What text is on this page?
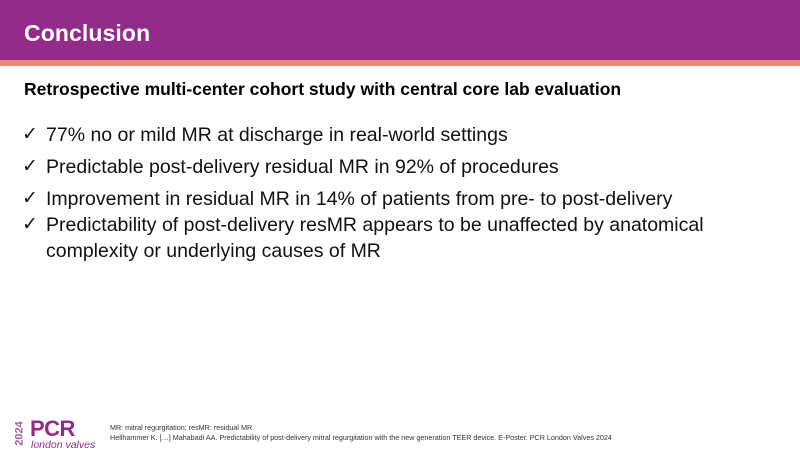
Conclusion
Retrospective multi-center cohort study with central core lab evaluation
✓ 77% no or mild MR at discharge in real-world settings
✓ Predictable post-delivery residual MR in 92% of procedures
✓ Improvement in residual MR in 14% of patients from pre- to post-delivery
✓ Predictability of post-delivery resMR appears to be unaffected by anatomical complexity or underlying causes of MR
2024 PCR
london valves
MR: mitral regurgitation; resMR: residual MR
Hellhammer K. […] Mahabadi AA. Predictability of post-delivery mitral regurgitation with the new generation TEER device. E-Poster. PCR London Valves 2024
